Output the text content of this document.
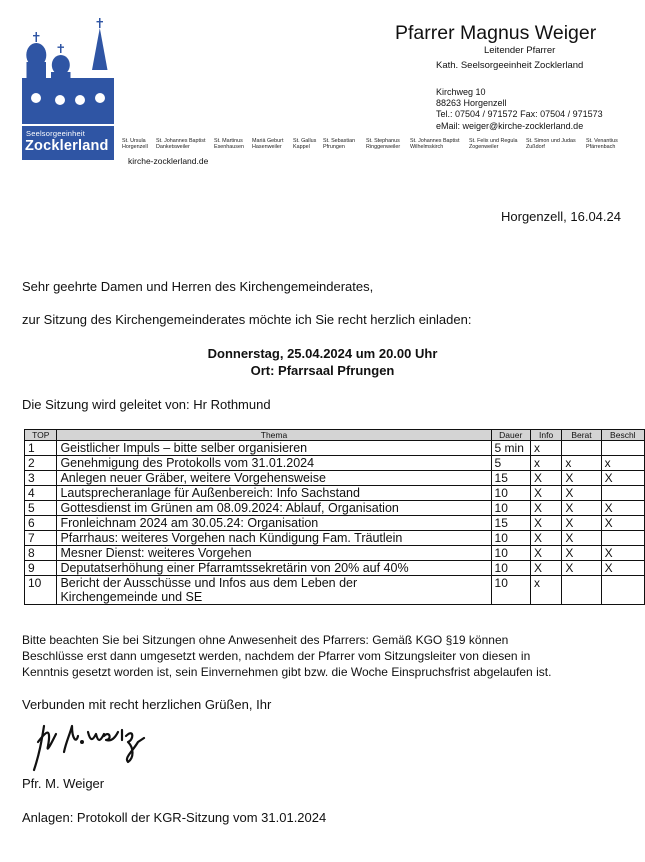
Seelsorgeeinheit
Zocklerland
Pfarrer Magnus Weiger
Leitender Pfarrer
Kath. Seelsorgeeinheit Zocklerland
Kirchweg 10
88263 Horgenzell
Tel.: 07504 / 971572 Fax: 07504 / 971573
eMail: weiger@kirche-zocklerland.de
St. Ursula
Horgenzell
St. Johannes Baptist
Danketsweiler
St. Martinus
Esenhausen
Mariä Geburt
Hasenweiler
St. Gallus
Kappel
St. Sebastian
Pfrungen
St. Stephanus
Ringgenweiler
St. Johannes Baptist
Wilhelmskirch
St. Felix und Regula
Zogenweiler
St. Simon und Judas
Zußdorf
St. Venantius
Pfärrenbach
kirche-zocklerland.de
Horgenzell, 16.04.24
Sehr geehrte Damen und Herren des Kirchengemeinderates,
zur Sitzung des Kirchengemeinderates möchte ich Sie recht herzlich einladen:
Donnerstag, 25.04.2024 um 20.00 Uhr
Ort: Pfarrsaal Pfrungen
Die Sitzung wird geleitet von: Hr Rothmund
TOP	Thema	Dauer	Info	Berat	Beschl
1	Geistlicher Impuls – bitte selber organisieren	5 min	x		
2	Genehmigung des Protokolls vom 31.01.2024	5	x	x	x
3	Anlegen neuer Gräber, weitere Vorgehensweise	15	X	X	X
4	Lautsprecheranlage für Außenbereich: Info Sachstand	10	X	X	
5	Gottesdienst im Grünen am 08.09.2024: Ablauf, Organisation	10	X	X	X
6	Fronleichnam 2024 am 30.05.24: Organisation	15	X	X	X
7	Pfarrhaus: weiteres Vorgehen nach Kündigung Fam. Träutlein	10	X	X	
8	Mesner Dienst: weiteres Vorgehen	10	X	X	X
9	Deputatserhöhung einer Pfarramtssekretärin von 20% auf 40%	10	X	X	X
10	Bericht der Ausschüsse und Infos aus dem Leben der
Kirchengemeinde und SE	10	x		
Bitte beachten Sie bei Sitzungen ohne Anwesenheit des Pfarrers: Gemäß KGO §19 können
Beschlüsse erst dann umgesetzt werden, nachdem der Pfarrer vom Sitzungsleiter von diesen in
Kenntnis gesetzt worden ist, sein Einvernehmen gibt bzw. die Woche Einspruchsfrist abgelaufen ist.
Verbunden mit recht herzlichen Grüßen, Ihr
Pfr. M. Weiger
Anlagen: Protokoll der KGR-Sitzung vom 31.01.2024
